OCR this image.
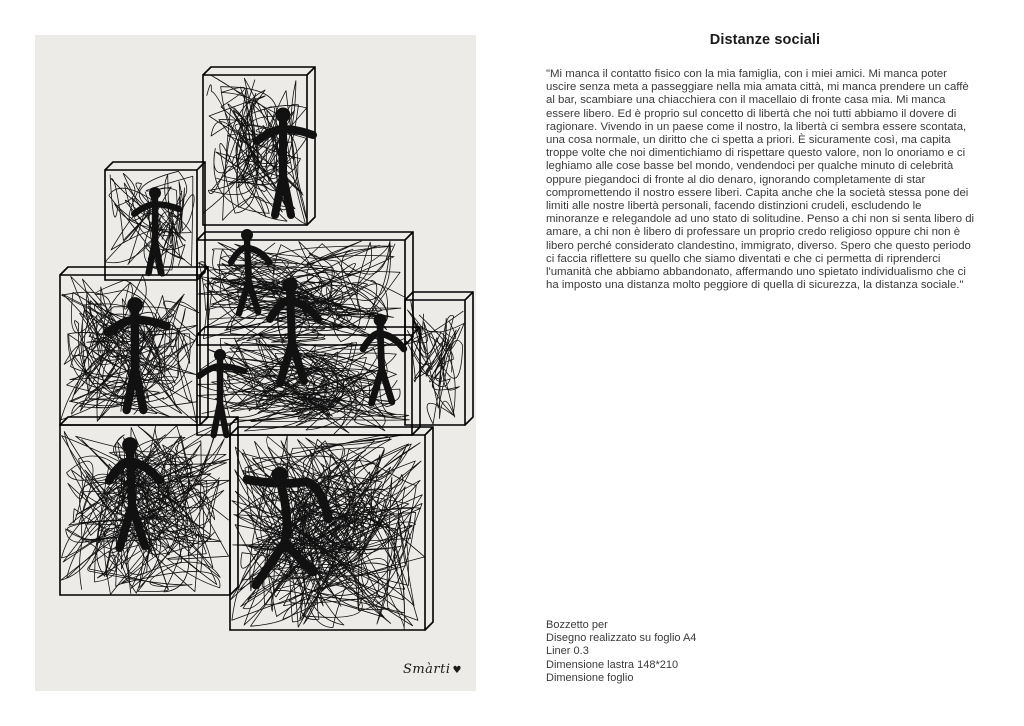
Smàrti ♥
Distanze sociali

"Mi manca il contatto fisico con la mia famiglia, con i miei amici. Mi manca poter uscire senza meta a passeggiare nella mia amata città, mi manca prendere un caffè al bar, scambiare una chiacchiera con il macellaio di fronte casa mia. Mi manca essere libero. Ed è proprio sul concetto di libertà che noi tutti abbiamo il dovere di ragionare. Vivendo in un paese come il nostro, la libertà ci sembra essere scontata, una cosa normale, un diritto che ci spetta a priori. È sicuramente così, ma capita troppe volte che noi dimentichiamo di rispettare questo valore, non lo onoriamo e ci leghiamo alle cose basse bel mondo, vendendoci per qualche minuto di celebrità oppure piegandoci di fronte al dio denaro, ignorando completamente di star compromettendo il nostro essere liberi. Capita anche che la società stessa pone dei limiti alle nostre libertà personali, facendo distinzioni crudeli, escludendo le minoranze e relegandole ad uno stato di solitudine. Penso a chi non si senta libero di amare, a chi non è libero di professare un proprio credo religioso oppure chi non è libero perché considerato clandestino, immigrato, diverso. Spero che questo periodo ci faccia riflettere su quello che siamo diventati e che ci permetta di riprenderci l'umanità che abbiamo abbandonato, affermando uno spietato individualismo che ci ha imposto una distanza molto peggiore di quella di sicurezza, la distanza sociale."

Bozzetto per
Disegno realizzato su foglio A4
Liner 0.3
Dimensione lastra 148*210
Dimensione foglio
